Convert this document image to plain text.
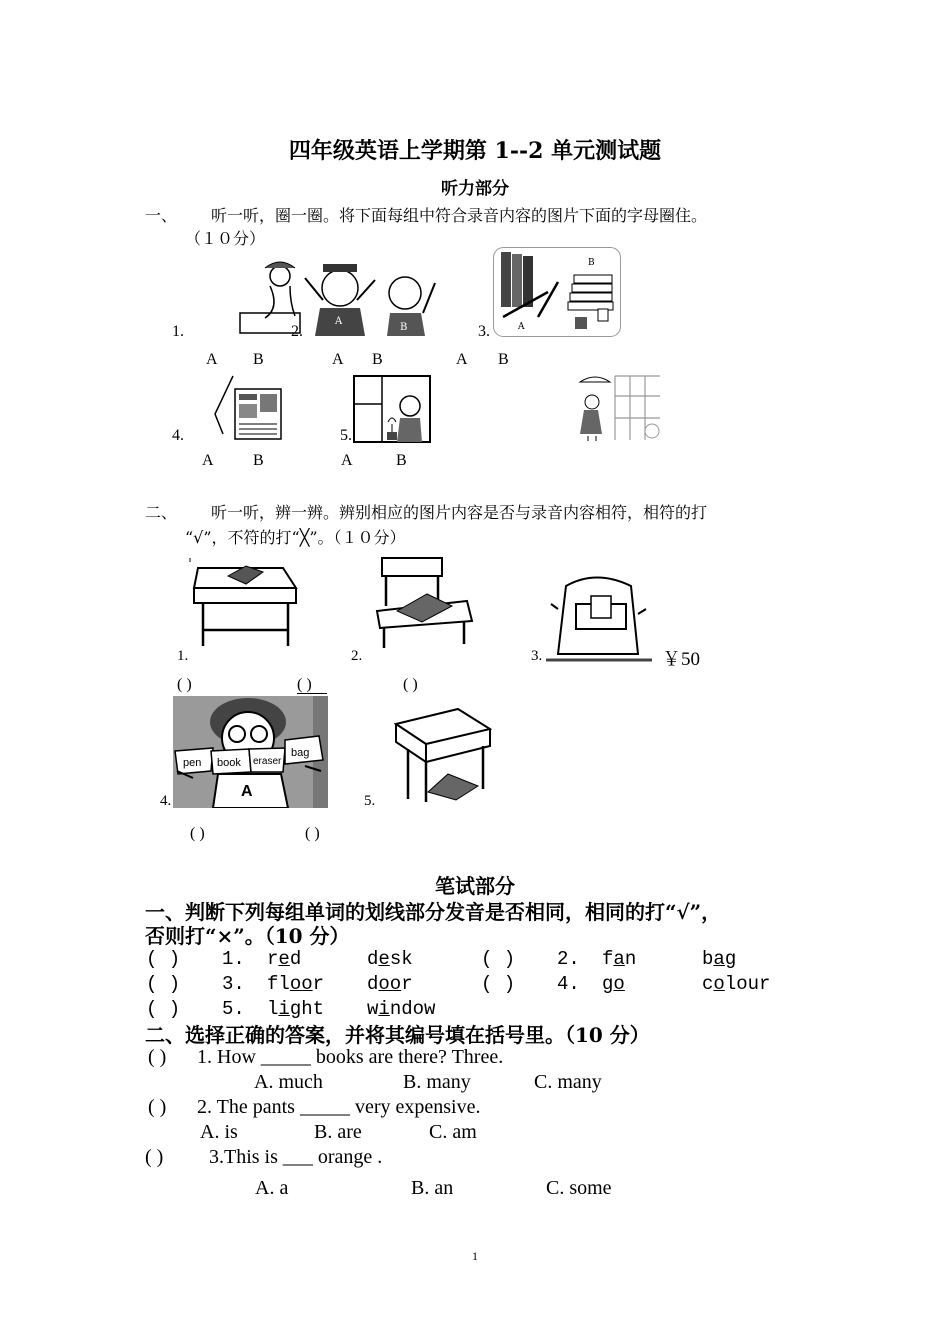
四年级英语上学期第 1--2 单元测试题
听力部分
一、 听一听，圈一圈。将下面每组中符合录音内容的图片下面的字母圈住。
（１０分）
A
B	A
B
1.	2.	3.
A B	A B	A B
4.	5.
A B	A	B
二、 听一听，辨一辨。辨别相应的图片内容是否与录音内容相符，相符的打
“√”，不符的打“╳”。（１０分）
1.	2.	3.	￥50
( )	( )	( )
pen book eraser
bag
A
4.	5.
( )	( )
笔试部分
一、判断下列每组单词的划线部分发音是否相同，相同的打“√”，
否则打“×”。（10 分）
( ) 1. red	desk	( ) 2. fan	bag
( ) 3. floor door	( ) 4. go	colour
( ) 5. light window
二、选择正确的答案，并将其编号填在括号里。（10 分）
( ) 1. How _____ books are there? Three.
A. much	B. many	C. many
( ) 2. The pants _____ very expensive.
A. is	B. are	C. am
( ) 3.This is ___ orange .
A. a	B. an	C. some
1
